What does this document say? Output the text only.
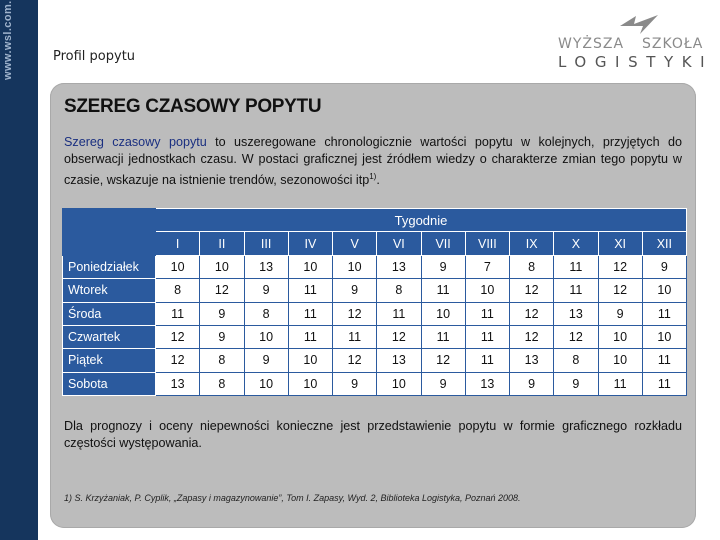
Profil popytu
WYŻSZA SZKOŁA
LOGISTYKI
SZEREG CZASOWY POPYTU
Szereg czasowy popytu to uszeregowane chronologicznie wartości popytu w kolejnych, przyjętych do obserwacji jednostkach czasu. W postaci graficznej jest źródłem wiedzy o charakterze zmian tego popytu w czasie, wskazuje na istnienie trendów, sezonowości itp$^{1)}$.
	Tygodnie											
	I	II	III	IV	V	VI	VII	VIII	IX	X	XI	XII
Poniedziałek	10	10	13	10	10	13	9	7	8	11	12	9
Wtorek	8	12	9	11	9	8	11	10	12	11	12	10
Środa	11	9	8	11	12	11	10	11	12	13	9	11
Czwartek	12	9	10	11	11	12	11	11	12	12	10	10
Piątek	12	8	9	10	12	13	12	11	13	8	10	11
Sobota	13	8	10	10	9	10	9	13	9	9	11	11
Dla prognozy i oceny niepewności konieczne jest przedstawienie popytu w formie graficznego rozkładu częstości występowania.
1) S. Krzyżaniak, P. Cyplik, „Zapasy i magazynowanie”, Tom I. Zapasy, Wyd. 2, Biblioteka Logistyka, Poznań 2008.
